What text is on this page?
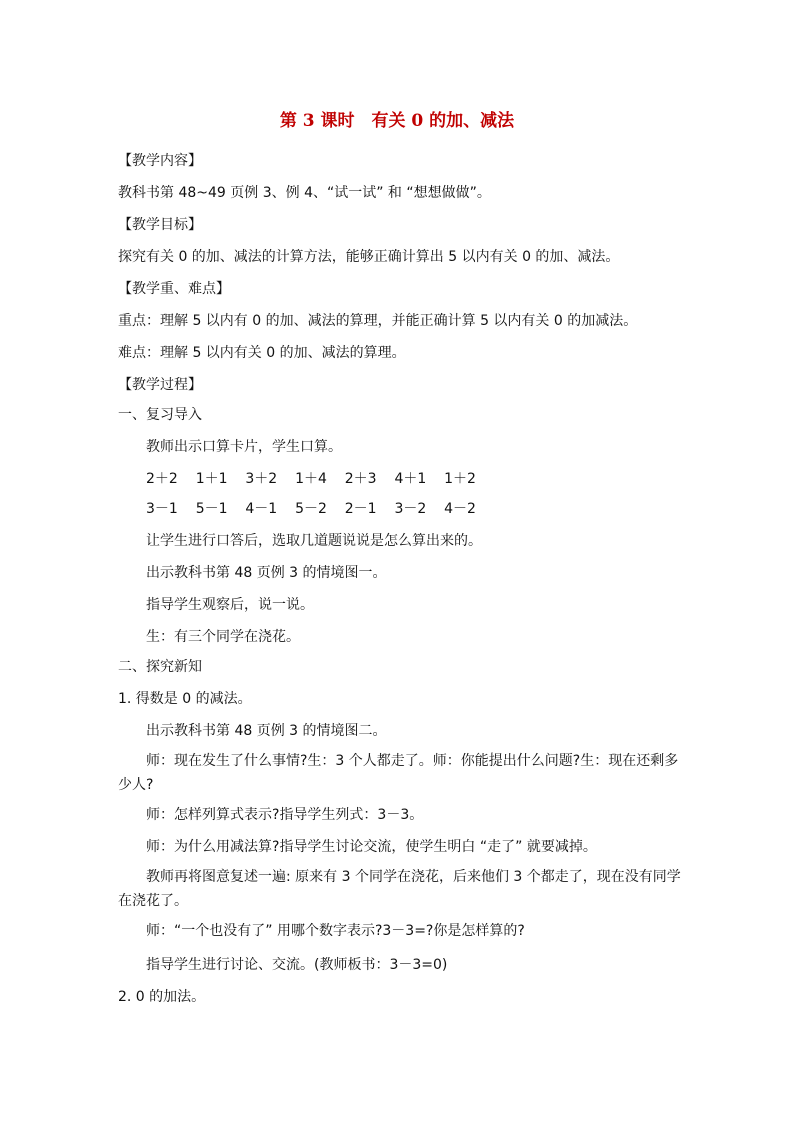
第 3 课时　有关 0 的加、减法
【教学内容】
教科书第 48~49 页例 3、例 4、“试一试” 和 “想想做做”。
【教学目标】
探究有关 0 的加、减法的计算方法，能够正确计算出 5 以内有关 0 的加、减法。
【教学重、难点】
重点：理解 5 以内有 0 的加、减法的算理，并能正确计算 5 以内有关 0 的加减法。
难点：理解 5 以内有关 0 的加、减法的算理。
【教学过程】
一、复习导入
教师出示口算卡片，学生口算。
2＋2 1＋1 3＋2 1＋4 2＋3 4＋1 1＋2
3－1 5－1 4－1 5－2 2－1 3－2 4－2
让学生进行口答后，选取几道题说说是怎么算出来的。
出示教科书第 48 页例 3 的情境图一。
指导学生观察后，说一说。
生：有三个同学在浇花。
二、探究新知
1. 得数是 0 的减法。
出示教科书第 48 页例 3 的情境图二。
师：现在发生了什么事情?生：3 个人都走了。师：你能提出什么问题?生：现在还剩多少人?
师：怎样列算式表示?指导学生列式：3－3。
师：为什么用减法算?指导学生讨论交流，使学生明白 “走了” 就要减掉。
教师再将图意复述一遍: 原来有 3 个同学在浇花，后来他们 3 个都走了，现在没有同学在浇花了。
师：“一个也没有了” 用哪个数字表示?3－3=?你是怎样算的?
指导学生进行讨论、交流。(教师板书：3－3=0)
2. 0 的加法。
